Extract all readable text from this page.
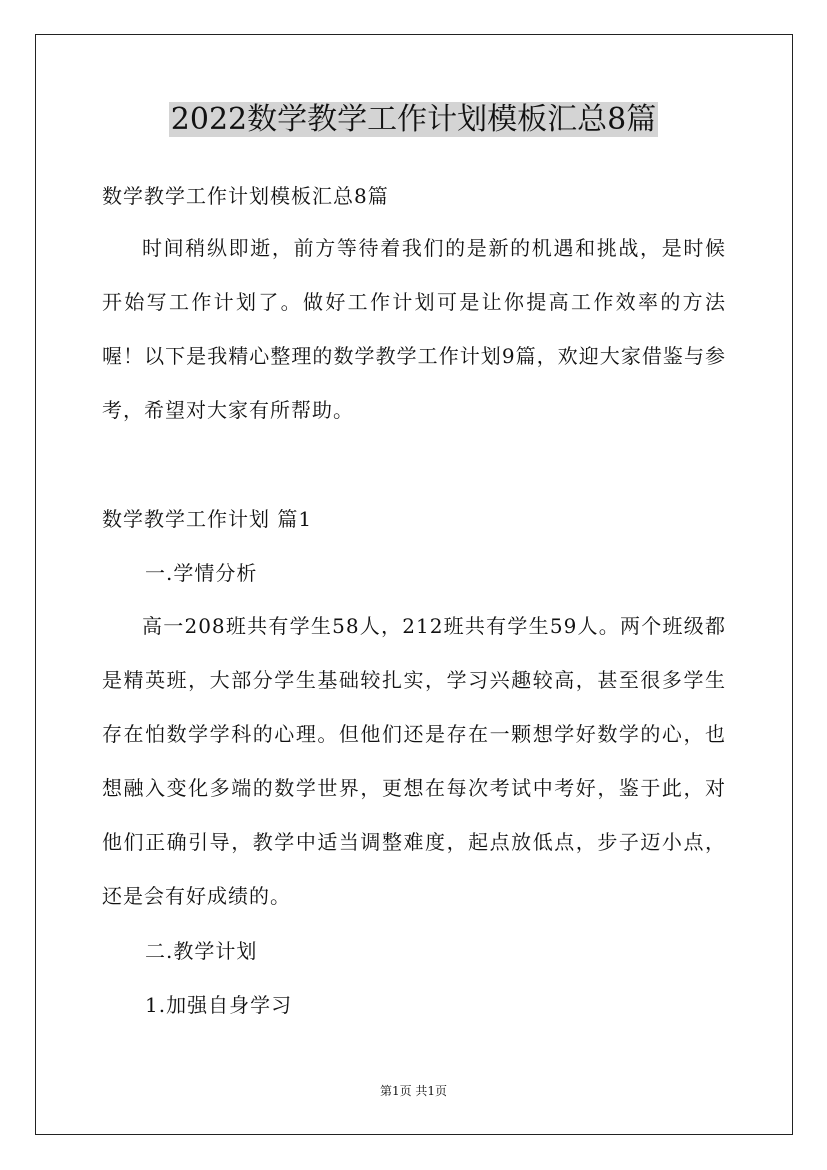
2022数学教学工作计划模板汇总8篇
数学教学工作计划模板汇总8篇
时间稍纵即逝，前方等待着我们的是新的机遇和挑战，是时候开始写工作计划了。做好工作计划可是让你提高工作效率的方法喔！以下是我精心整理的数学教学工作计划9篇，欢迎大家借鉴与参考，希望对大家有所帮助。
数学教学工作计划 篇1
一.学情分析
高一208班共有学生58人，212班共有学生59人。两个班级都是精英班，大部分学生基础较扎实，学习兴趣较高，甚至很多学生存在怕数学学科的心理。但他们还是存在一颗想学好数学的心，也想融入变化多端的数学世界，更想在每次考试中考好，鉴于此，对他们正确引导，教学中适当调整难度，起点放低点，步子迈小点，还是会有好成绩的。
二.教学计划
1.加强自身学习
第1页 共1页
